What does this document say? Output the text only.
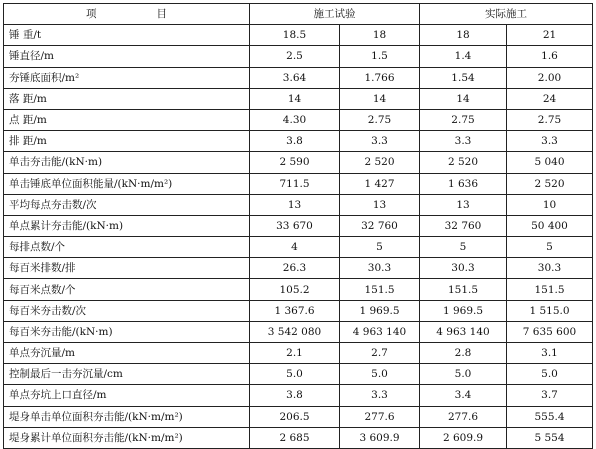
项 目	施工试验		实际施工	
锤 重/t	18.5	18	18	21
锤直径/m	2.5	1.5	1.4	1.6
夯锤底面积/m²	3.64	1.766	1.54	2.00
落 距/m	14	14	14	24
点 距/m	4.30	2.75	2.75	2.75
排 距/m	3.8	3.3	3.3	3.3
单击夯击能/(kN·m)	2 590	2 520	2 520	5 040
单击锤底单位面积能量/(kN·m/m²)	711.5	1 427	1 636	2 520
平均每点夯击数/次	13	13	13	10
单点累计夯击能/(kN·m)	33 670	32 760	32 760	50 400
每排点数/个	4	5	5	5
每百米排数/排	26.3	30.3	30.3	30.3
每百米点数/个	105.2	151.5	151.5	151.5
每百米夯击数/次	1 367.6	1 969.5	1 969.5	1 515.0
每百米夯击能/(kN·m)	3 542 080	4 963 140	4 963 140	7 635 600
单点夯沉量/m	2.1	2.7	2.8	3.1
控制最后一击夯沉量/cm	5.0	5.0	5.0	5.0
单点夯坑上口直径/m	3.8	3.3	3.4	3.7
堤身单击单位面积夯击能/(kN·m/m²)	206.5	277.6	277.6	555.4
堤身累计单位面积夯击能/(kN·m/m²)	2 685	3 609.9	2 609.9	5 554
